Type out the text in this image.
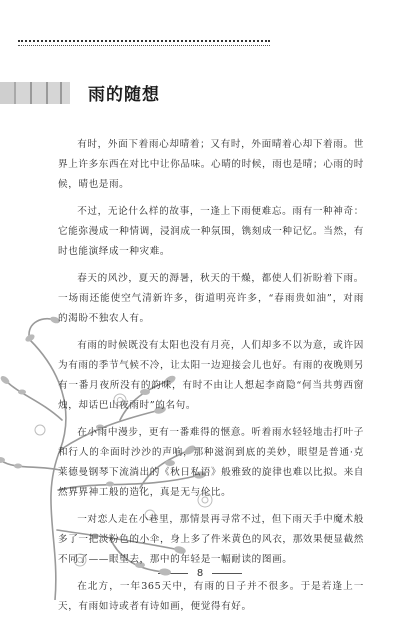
雨的随想

有时，外面下着雨心却晴着；又有时，外面晴着心却下着雨。世界上许多东西在对比中让你品味。心晴的时候，雨也是晴；心雨的时候，晴也是雨。

不过，无论什么样的故事，一逢上下雨便难忘。雨有一种神奇：它能弥漫成一种情调，浸润成一种氛围，镌刻成一种记忆。当然，有时也能演绎成一种灾难。

春天的风沙，夏天的溽暑，秋天的干燥，都使人们祈盼着下雨。一场雨还能使空气清新许多，街道明亮许多，“春雨贵如油”，对雨的渴盼不独农人有。

有雨的时候既没有太阳也没有月亮，人们却多不以为意，或许因为有雨的季节气候不冷，让太阳一边迎接会儿也好。有雨的夜晚则另有一番月夜所没有的韵味，有时不由让人想起李商隐“何当共剪西窗烛，却话巴山夜雨时”的名句。

在小雨中漫步，更有一番难得的惬意。听着雨水轻轻地击打叶子和行人的伞面时沙沙的声响，那种滋润到底的美妙，眼望是普通·克莱德曼钢琴下流淌出的《秋日私语》般雅致的旋律也难以比拟。来自然界界神工般的造化，真是无与伦比。

一对恋人走在小巷里，那情景再寻常不过，但下雨天手中魔术般多了一把淡粉色的小伞，身上多了件米黄色的风衣，那效果便显截然不同了——眼望去，那中的年轻是一幅耐读的图画。

在北方，一年365天中，有雨的日子并不很多。于是若逢上一天，有雨如诗或者有诗如画，便觉得有好。

8
